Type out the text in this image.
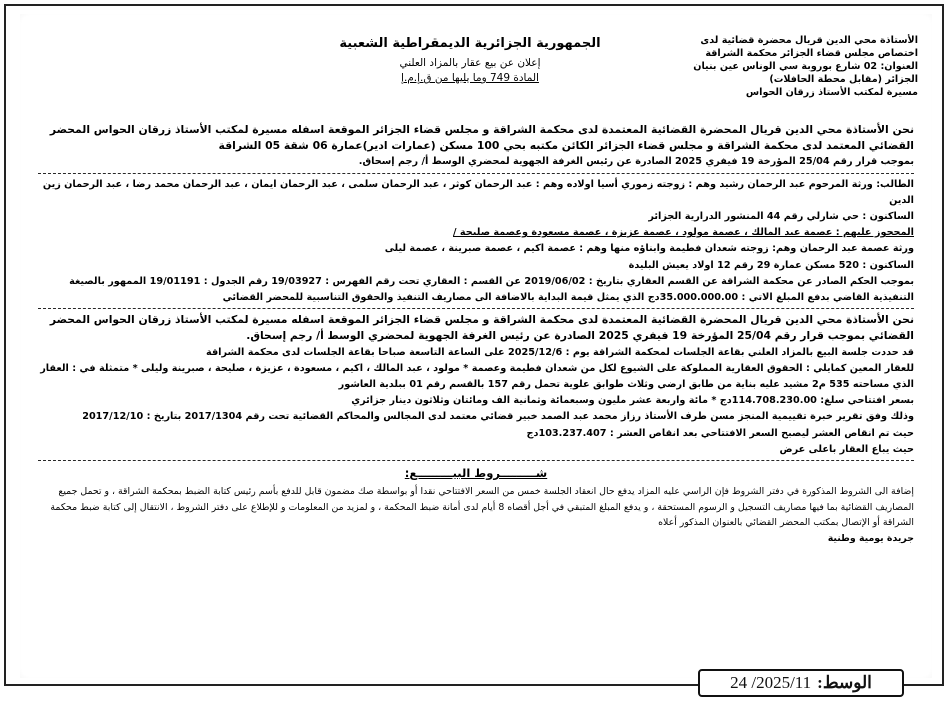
الأستاذة محي الدين قريال محضرة قضائية لدى
اختصاص مجلس قضاء الجزائر محكمة الشراقة
العنوان: 02 شارع بوروبة سي الوناس عين بنيان
الجزائر (مقابل محطة الحافلات)
مسيرة لمكتب الأستاذ زرقان الحواس
الجمهورية الجزائرية الديمقراطية الشعبية
إعلان عن بيع عقار بالمزاد العلني
المادة 749 وما يليها من ق.إ.م.إ

نحن الأستاذة محي الدين قريال المحضرة القضائية المعتمدة لدى محكمة الشراقة و مجلس قضاء الجزائر الموقعة اسفله مسيرة لمكتب الأستاذ زرقان الحواس المحضر القضائي المعتمد لدى محكمة الشراقة و مجلس قضاء الجزائر الكائن مكتبه بحي 100 مسكن (عمارات ادير)عمارة 06 شقة 05 الشراقة

بموجب قرار رقم 25/04 المؤرخة 19 فيفري 2025 الصادرة عن رئيس الغرفة الجهوية لمحضري الوسط أ/ رجم إسحاق.

الطالب: ورثة المرحوم عبد الرحمان رشيد وهم : زوجته زموري أسيا اولاده وهم : عبد الرحمان كوثر ، عبد الرحمان سلمى ، عبد الرحمان ايمان ، عبد الرحمان محمد رضا ، عبد الرحمان زين الدين

الساكنون : حي شارلي رقم 44 المنشور الدرارية الجزائر

المحجوز عليهم : عصمة عبد المالك ، عصمة مولود ، عصمة عزيزة ، عصمة مسعودة وعصمة صليحة /

ورثة عصمة عبد الرحمان وهم: زوجته شعدان فطيمة وابناؤه منها وهم : عصمة اكيم ، عصمة صبرينة ، عصمة ليلى

الساكنون : 520 مسكن عمارة 29 رقم 12 اولاد يعيش البليدة

بموجب الحكم الصادر عن محكمة الشراقة عن القسم العقاري بتاريخ : 2019/06/02 عن القسم : العقاري تحت رقم الفهرس : 19/03927 رقم الجدول : 19/01191 الممهور بالصيغة التنفيذية القاضي بدفع المبلغ الاتي : 35.000.000.00دج الذي يمثل قيمة البداية بالاضافة الى مصاريف التنفيذ والحقوق التناسبية للمحضر القضائي

نحن الأستاذة محي الدين قريال المحضرة القضائية المعتمدة لدى محكمة الشراقة و مجلس قضاء الجزائر الموقعة اسفله مسيرة لمكتب الأستاذ زرقان الحواس المحضر القضائي بموجب قرار رقم 25/04 المؤرخة 19 فيفري 2025 الصادرة عن رئيس الغرفة الجهوية لمحضري الوسط أ/ رجم إسحاق.

قد حددت جلسة البيع بالمزاد العلني بقاعة الجلسات لمحكمة الشراقة يوم : 2025/12/6 على الساعة التاسعة صباحا بقاعة الجلسات لدى محكمة الشراقة

للعقار المعين كمايلي : الحقوق العقارية المملوكة على الشيوع لكل من شعدان فطيمة وعصمة * مولود ، عبد المالك ، اكيم ، مسعودة ، عزيزة ، صليحة ، صبرينة وليلى * متمثلة في : العقار الذي مساحته 535 م2 مشيد عليه بناية من طابق ارضي وثلاث طوابق علوية تحمل رقم 157 بالقسم رقم 01 ببلدية العاشور

بسعر افتتاحي سلغ: 114.708.230.00دج * مائة واربعة عشر مليون وسبعمائة وثمانية الف ومائتان وثلاثون دينار جزائري

وذلك وفق تقرير خبرة تقييمية المنجز مسن طرف الأستاذ رزاز محمد عبد الصمد خبير قضائي معتمد لدى المجالس والمحاكم القضائية تحت رقم 2017/1304 بتاريخ : 2017/12/10

حيث تم انقاص العشر ليصبح السعر الافتتاحي بعد انقاص العشر : 103.237.407دج

حيث يباع العقار باعلى عرض

شـــــــــروط البيـــــــــع:

إضافة الى الشروط المذكورة في دفتر الشروط فإن الراسي عليه المزاد يدفع حال انعقاد الجلسة خمس من السعر الافتتاحي نقدا أو بواسطة صك مضمون قابل للدفع بأسم رئيس كتابة الضبط بمحكمة الشراقة ، و تحمل جميع المصاريف القضائية بما فيها مصاريف التسجيل و الرسوم المستحقة ، و يدفع المبلغ المتبقي في أجل أقصاه 8 أيام لدى أمانة ضبط المحكمة ، و لمزيد من المعلومات و للإطلاع على دفتر الشروط ، الانتقال إلى كتابة ضبط محكمة الشراقة أو الإتصال بمكتب المحضر القضائي بالعنوان المذكور أعلاه

جريدة يومية وطنية

الوسط:
2025/11/ 24
